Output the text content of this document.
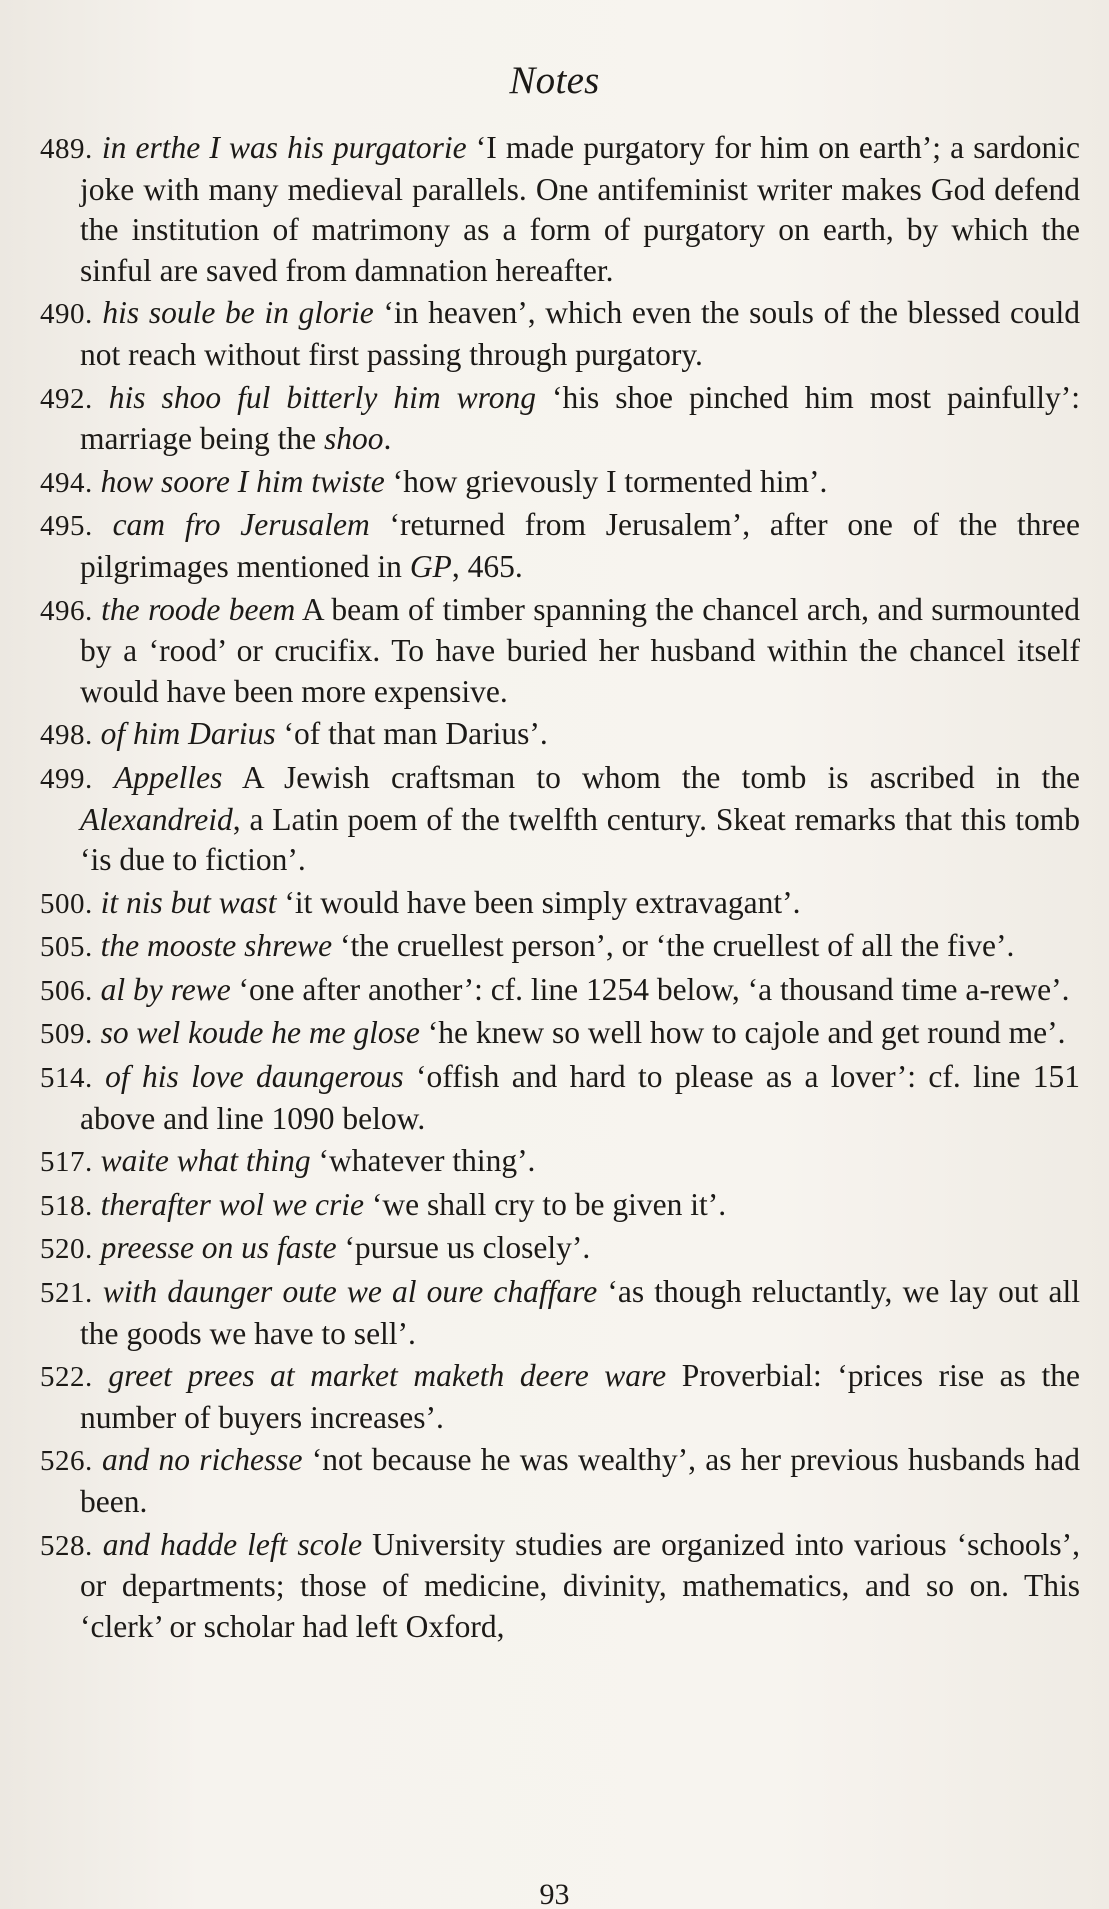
Notes

489. in erthe I was his purgatorie ‘I made purgatory for him on earth’; a sardonic joke with many medieval parallels. One antifeminist writer makes God defend the institution of matrimony as a form of purgatory on earth, by which the sinful are saved from damnation hereafter.

490. his soule be in glorie ‘in heaven’, which even the souls of the blessed could not reach without first passing through purgatory.

492. his shoo ful bitterly him wrong ‘his shoe pinched him most painfully’: marriage being the shoo.

494. how soore I him twiste ‘how grievously I tormented him’.

495. cam fro Jerusalem ‘returned from Jerusalem’, after one of the three pilgrimages mentioned in GP, 465.

496. the roode beem A beam of timber spanning the chancel arch, and surmounted by a ‘rood’ or crucifix. To have buried her husband within the chancel itself would have been more expensive.

498. of him Darius ‘of that man Darius’.

499. Appelles A Jewish craftsman to whom the tomb is ascribed in the Alexandreid, a Latin poem of the twelfth century. Skeat remarks that this tomb ‘is due to fiction’.

500. it nis but wast ‘it would have been simply extravagant’.

505. the mooste shrewe ‘the cruellest person’, or ‘the cruellest of all the five’.

506. al by rewe ‘one after another’: cf. line 1254 below, ‘a thousand time a-rewe’.

509. so wel koude he me glose ‘he knew so well how to cajole and get round me’.

514. of his love daungerous ‘offish and hard to please as a lover’: cf. line 151 above and line 1090 below.

517. waite what thing ‘whatever thing’.

518. therafter wol we crie ‘we shall cry to be given it’.

520. preesse on us faste ‘pursue us closely’.

521. with daunger oute we al oure chaffare ‘as though reluctantly, we lay out all the goods we have to sell’.

522. greet prees at market maketh deere ware Proverbial: ‘prices rise as the number of buyers increases’.

526. and no richesse ‘not because he was wealthy’, as her previous husbands had been.

528. and hadde left scole University studies are organized into various ‘schools’, or departments; those of medicine, divinity, mathematics, and so on. This ‘clerk’ or scholar had left Oxford,

93
